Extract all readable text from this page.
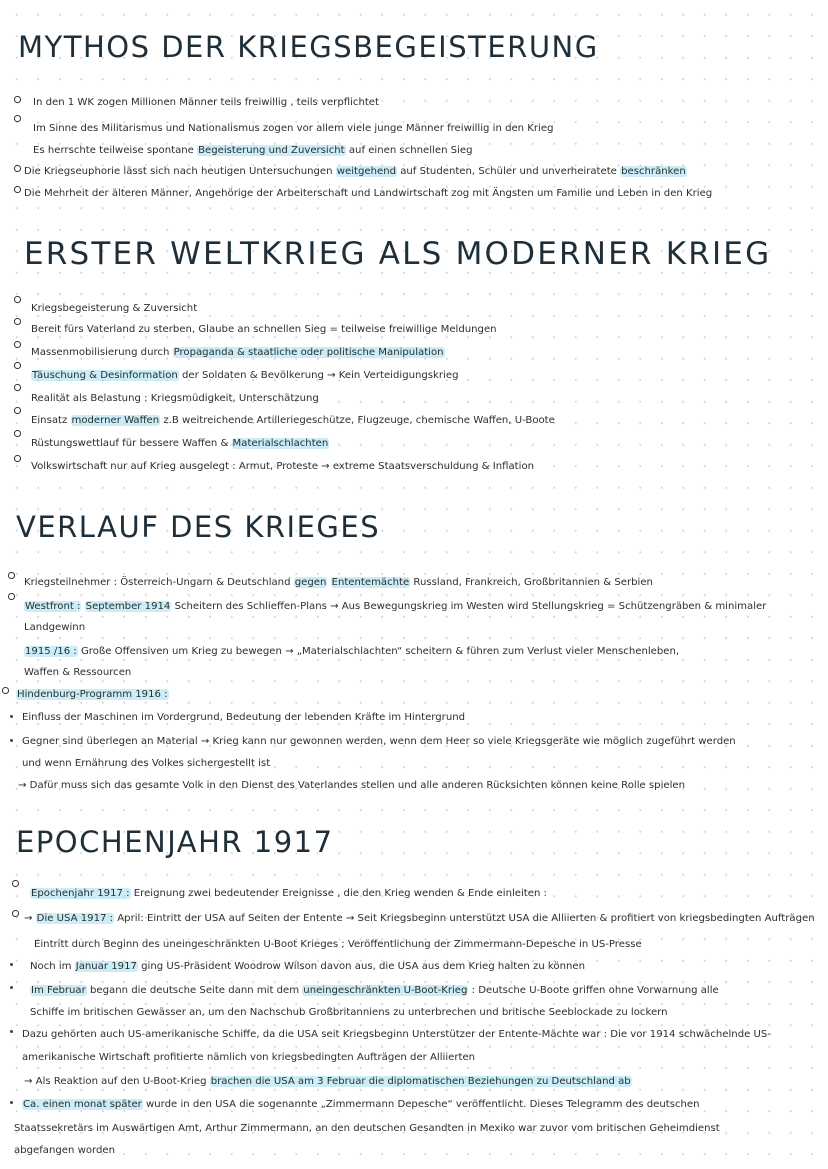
MYTHOS DER KRIEGSBEGEISTERUNG
In den 1 WK zogen Millionen Männer teils freiwillig , teils verpflichtet
Im Sinne des Militarismus und Nationalismus zogen vor allem viele junge Männer freiwillig in den Krieg
Es herrschte teilweise spontane Begeisterung und Zuversicht auf einen schnellen Sieg
Die Kriegseuphorie lässt sich nach heutigen Untersuchungen weitgehend auf Studenten, Schüler und unverheiratete beschränken
Die Mehrheit der älteren Männer, Angehörige der Arbeiterschaft und Landwirtschaft zog mit Ängsten um Familie und Leben in den Krieg
ERSTER WELTKRIEG ALS MODERNER KRIEG
Kriegsbegeisterung & Zuversicht
Bereit fürs Vaterland zu sterben, Glaube an schnellen Sieg = teilweise freiwillige Meldungen
Massenmobilisierung durch Propaganda & staatliche oder politische Manipulation
Täuschung & Desinformation der Soldaten & Bevölkerung → Kein Verteidigungskrieg
Realität als Belastung : Kriegsmüdigkeit, Unterschätzung
Einsatz moderner Waffen z.B weitreichende Artilleriegeschütze, Flugzeuge, chemische Waffen, U-Boote
Rüstungswettlauf für bessere Waffen & Materialschlachten
Volkswirtschaft nur auf Krieg ausgelegt : Armut, Proteste → extreme Staatsverschuldung & Inflation
VERLAUF DES KRIEGES
Kriegsteilnehmer : Österreich-Ungarn & Deutschland gegen Ententemächte Russland, Frankreich, Großbritannien & Serbien
Westfront : September 1914 Scheitern des Schlieffen-Plans → Aus Bewegungskrieg im Westen wird Stellungskrieg = Schützengräben & minimaler
Landgewinn
1915 /16 : Große Offensiven um Krieg zu bewegen → „Materialschlachten“ scheitern & führen zum Verlust vieler Menschenleben,
Waffen & Ressourcen
Hindenburg-Programm 1916 :
Einfluss der Maschinen im Vordergrund, Bedeutung der lebenden Kräfte im Hintergrund
Gegner sind überlegen an Material → Krieg kann nur gewonnen werden, wenn dem Heer so viele Kriegsgeräte wie möglich zugeführt werden
und wenn Ernährung des Volkes sichergestellt ist
→ Dafür muss sich das gesamte Volk in den Dienst des Vaterlandes stellen und alle anderen Rücksichten können keine Rolle spielen
EPOCHENJAHR 1917
Epochenjahr 1917 : Ereignung zwei bedeutender Ereignisse , die den Krieg wenden & Ende einleiten :
→ Die USA 1917 : April: Eintritt der USA auf Seiten der Entente → Seit Kriegsbeginn unterstützt USA die Alliierten & profitiert von kriegsbedingten Aufträgen
Eintritt durch Beginn des uneingeschränkten U-Boot Krieges ; Veröffentlichung der Zimmermann-Depesche in US-Presse
Noch im Januar 1917 ging US-Präsident Woodrow Wilson davon aus, die USA aus dem Krieg halten zu können
Im Februar begann die deutsche Seite dann mit dem uneingeschränkten U-Boot-Krieg : Deutsche U-Boote griffen ohne Vorwarnung alle
Schiffe im britischen Gewässer an, um den Nachschub Großbritanniens zu unterbrechen und britische Seeblockade zu lockern
Dazu gehörten auch US-amerikanische Schiffe, da die USA seit Kriegsbeginn Unterstützer der Entente-Mächte war : Die vor 1914 schwächelnde US-
amerikanische Wirtschaft profitierte nämlich von kriegsbedingten Aufträgen der Alliierten
→ Als Reaktion auf den U-Boot-Krieg brachen die USA am 3 Februar die diplomatischen Beziehungen zu Deutschland ab
Ca. einen monat später wurde in den USA die sogenannte „Zimmermann Depesche“ veröffentlicht. Dieses Telegramm des deutschen
Staatssekretärs im Auswärtigen Amt, Arthur Zimmermann, an den deutschen Gesandten in Mexiko war zuvor vom britischen Geheimdienst
abgefangen worden
